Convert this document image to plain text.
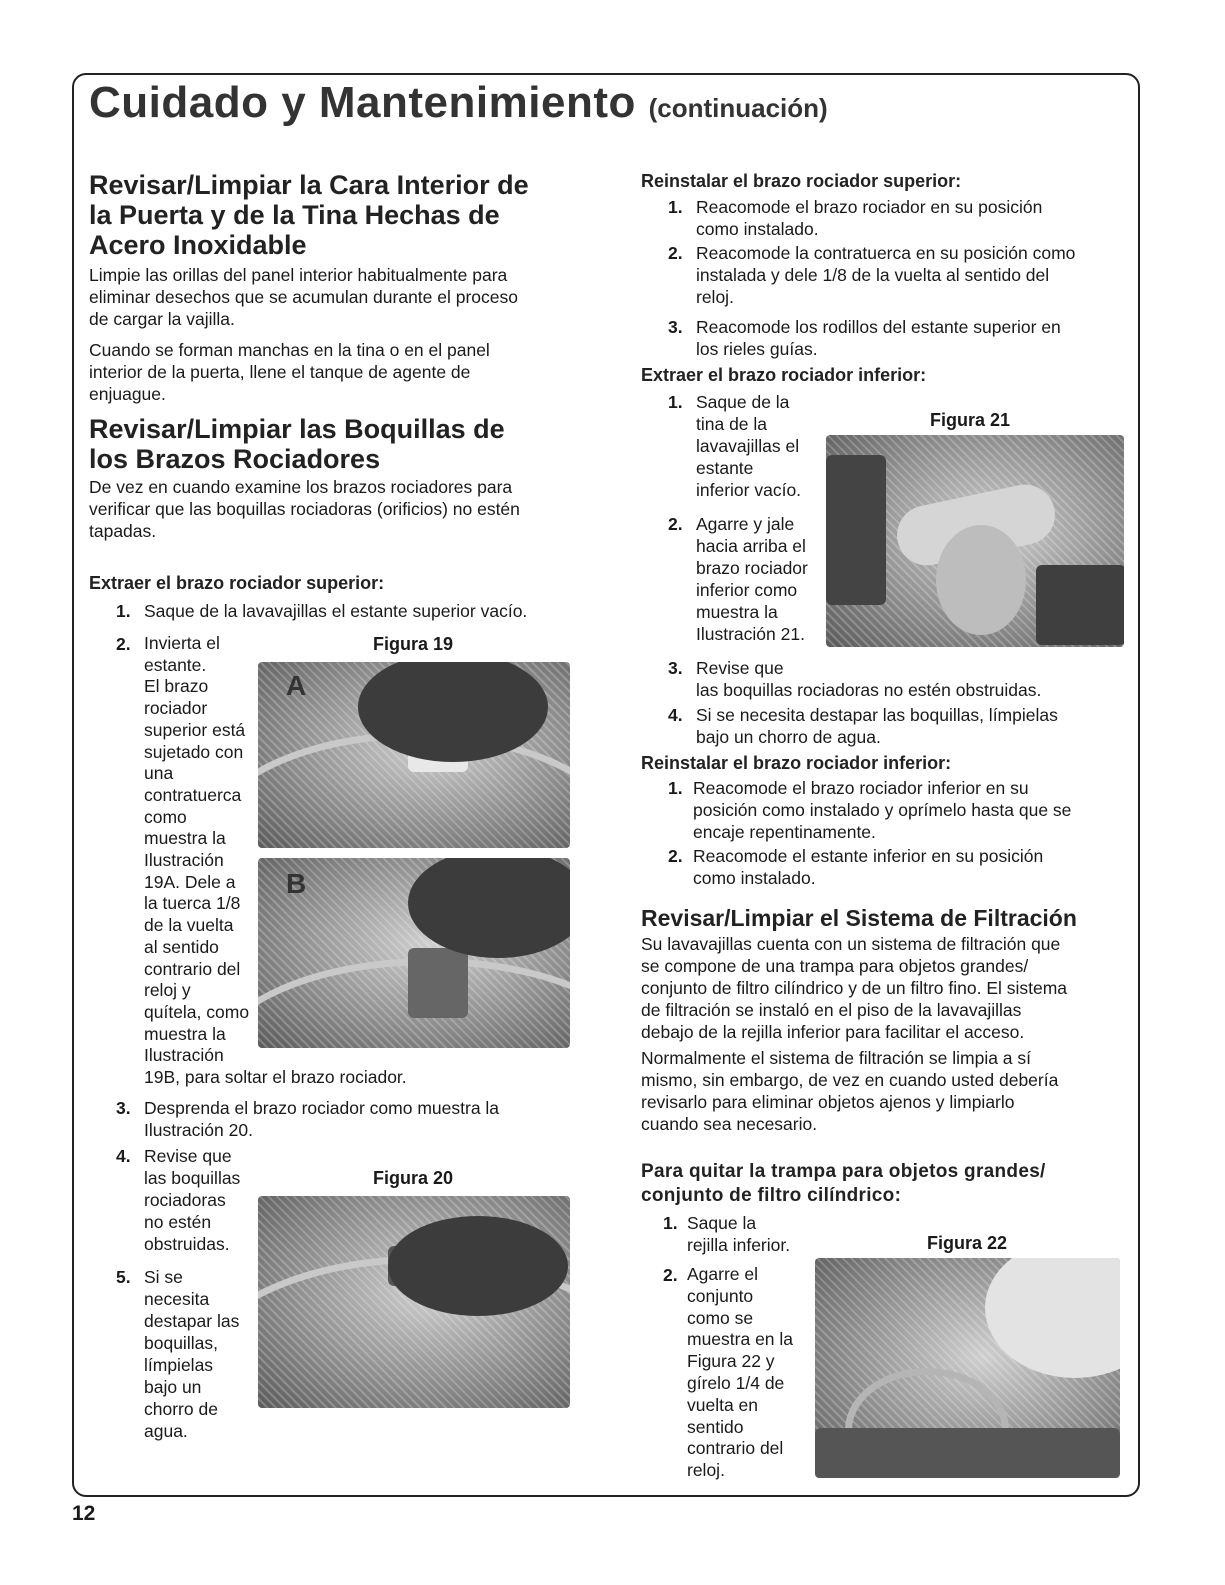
Cuidado y Mantenimiento (continuación)
Revisar/Limpiar la Cara Interior de
la Puerta y de la Tina Hechas de
Acero Inoxidable

Limpie las orillas del panel interior habitualmente para
eliminar desechos que se acumulan durante el proceso
de cargar la vajilla.

Cuando se forman manchas en la tina o en el panel
interior de la puerta, llene el tanque de agente de
enjuague.

Revisar/Limpiar las Boquillas de
los Brazos Rociadores

De vez en cuando examine los brazos rociadores para
verificar que las boquillas rociadoras (orificios) no estén
tapadas.

Extraer el brazo rociador superior:
1. Saque de la lavavajillas el estante superior vacío.
2. Invierta el
estante.
El brazo
rociador
superior está
sujetado con
una
contratuerca
como
muestra la
Ilustración
19A. Dele a
la tuerca 1/8
de la vuelta
al sentido
contrario del
reloj y
quítela, como
muestra la
Ilustración
19B, para soltar el brazo rociador.
Figura 19
A
B
3. Desprenda el brazo rociador como muestra la
Ilustración 20.
4. Revise que
las boquillas
rociadoras
no estén
obstruidas.
5. Si se
necesita
destapar las
boquillas,
límpielas
bajo un
chorro de
agua.
Figura 20
Reinstalar el brazo rociador superior:
1. Reacomode el brazo rociador en su posición
como instalado.
2. Reacomode la contratuerca en su posición como
instalada y dele 1/8 de la vuelta al sentido del
reloj.
3. Reacomode los rodillos del estante superior en
los rieles guías.
Extraer el brazo rociador inferior:
1. Saque de la
tina de la
lavavajillas el
estante
inferior vacío.
2. Agarre y jale
hacia arriba el
brazo rociador
inferior como
muestra la
Ilustración 21.
Figura 21
3. Revise que
las boquillas rociadoras no estén obstruidas.
4. Si se necesita destapar las boquillas, límpielas
bajo un chorro de agua.
Reinstalar el brazo rociador inferior:
1. Reacomode el brazo rociador inferior en su
posición como instalado y oprímelo hasta que se
encaje repentinamente.
2. Reacomode el estante inferior en su posición
como instalado.
Revisar/Limpiar el Sistema de Filtración

Su lavavajillas cuenta con un sistema de filtración que
se compone de una trampa para objetos grandes/
conjunto de filtro cilíndrico y de un filtro fino. El sistema
de filtración se instaló en el piso de la lavavajillas
debajo de la rejilla inferior para facilitar el acceso.

Normalmente el sistema de filtración se limpia a sí
mismo, sin embargo, de vez en cuando usted debería
revisarlo para eliminar objetos ajenos y limpiarlo
cuando sea necesario.

Para quitar la trampa para objetos grandes/
conjunto de filtro cilíndrico:
1. Saque la
rejilla inferior.
2. Agarre el
conjunto
como se
muestra en la
Figura 22 y
gírelo 1/4 de
vuelta en
sentido
contrario del
reloj.
Figura 22
12
